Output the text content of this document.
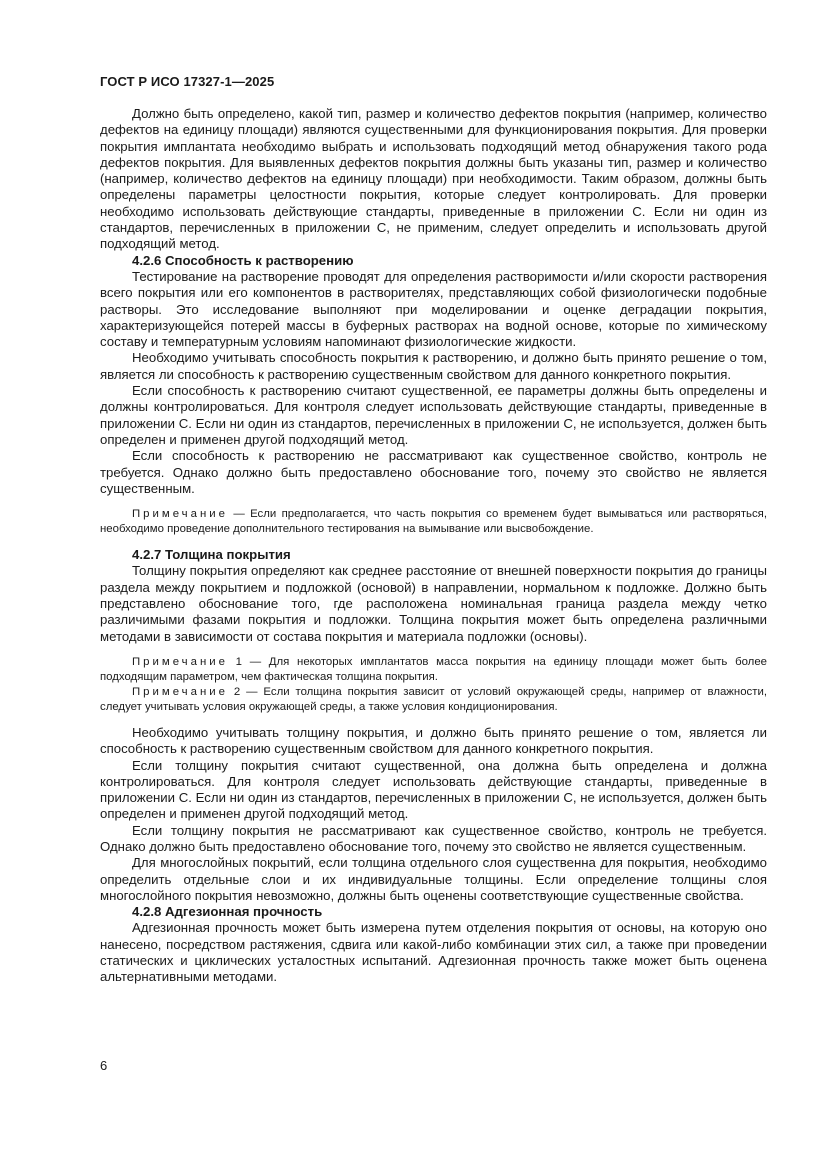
ГОСТ Р ИСО 17327-1—2025

Должно быть определено, какой тип, размер и количество дефектов покрытия (например, количество дефектов на единицу площади) являются существенными для функционирования покрытия. Для проверки покрытия имплантата необходимо выбрать и использовать подходящий метод обнаружения такого рода дефектов покрытия. Для выявленных дефектов покрытия должны быть указаны тип, размер и количество (например, количество дефектов на единицу площади) при необходимости. Таким образом, должны быть определены параметры целостности покрытия, которые следует контролировать. Для проверки необходимо использовать действующие стандарты, приведенные в приложении С. Если ни один из стандартов, перечисленных в приложении С, не применим, следует определить и использовать другой подходящий метод.

4.2.6 Способность к растворению

Тестирование на растворение проводят для определения растворимости и/или скорости растворения всего покрытия или его компонентов в растворителях, представляющих собой физиологически подобные растворы. Это исследование выполняют при моделировании и оценке деградации покрытия, характеризующейся потерей массы в буферных растворах на водной основе, которые по химическому составу и температурным условиям напоминают физиологические жидкости.

Необходимо учитывать способность покрытия к растворению, и должно быть принято решение о том, является ли способность к растворению существенным свойством для данного конкретного покрытия.

Если способность к растворению считают существенной, ее параметры должны быть определены и должны контролироваться. Для контроля следует использовать действующие стандарты, приведенные в приложении С. Если ни один из стандартов, перечисленных в приложении С, не используется, должен быть определен и применен другой подходящий метод.

Если способность к растворению не рассматривают как существенное свойство, контроль не требуется. Однако должно быть предоставлено обоснование того, почему это свойство не является существенным.

Примечание — Если предполагается, что часть покрытия со временем будет вымываться или растворяться, необходимо проведение дополнительного тестирования на вымывание или высвобождение.

4.2.7 Толщина покрытия

Толщину покрытия определяют как среднее расстояние от внешней поверхности покрытия до границы раздела между покрытием и подложкой (основой) в направлении, нормальном к подложке. Должно быть представлено обоснование того, где расположена номинальная граница раздела между четко различимыми фазами покрытия и подложки. Толщина покрытия может быть определена различными методами в зависимости от состава покрытия и материала подложки (основы).

Примечание 1 — Для некоторых имплантатов масса покрытия на единицу площади может быть более подходящим параметром, чем фактическая толщина покрытия.

Примечание 2 — Если толщина покрытия зависит от условий окружающей среды, например от влажности, следует учитывать условия окружающей среды, а также условия кондиционирования.

Необходимо учитывать толщину покрытия, и должно быть принято решение о том, является ли способность к растворению существенным свойством для данного конкретного покрытия.

Если толщину покрытия считают существенной, она должна быть определена и должна контролироваться. Для контроля следует использовать действующие стандарты, приведенные в приложении С. Если ни один из стандартов, перечисленных в приложении С, не используется, должен быть определен и применен другой подходящий метод.

Если толщину покрытия не рассматривают как существенное свойство, контроль не требуется. Однако должно быть предоставлено обоснование того, почему это свойство не является существенным.

Для многослойных покрытий, если толщина отдельного слоя существенна для покрытия, необходимо определить отдельные слои и их индивидуальные толщины. Если определение толщины слоя многослойного покрытия невозможно, должны быть оценены соответствующие существенные свойства.

4.2.8 Адгезионная прочность

Адгезионная прочность может быть измерена путем отделения покрытия от основы, на которую оно нанесено, посредством растяжения, сдвига или какой-либо комбинации этих сил, а также при проведении статических и циклических усталостных испытаний. Адгезионная прочность также может быть оценена альтернативными методами.

6
